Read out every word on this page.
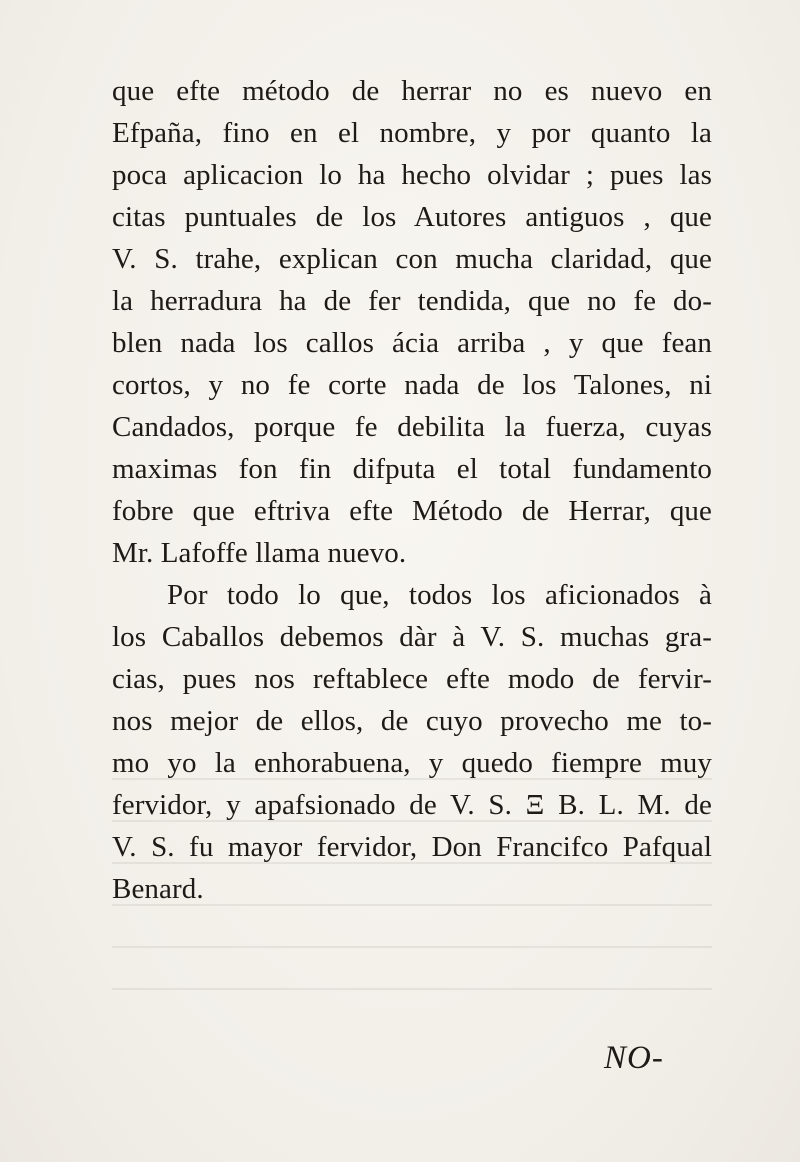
que efte método de herrar no es nuevo en
Efpaña, fino en el nombre, y por quanto la
poca aplicacion lo ha hecho olvidar ; pues las
citas puntuales de los Autores antiguos , que
V. S. trahe, explican con mucha claridad, que
la herradura ha de fer tendida, que no fe do-
blen nada los callos ácia arriba , y que fean
cortos, y no fe corte nada de los Talones, ni
Candados, porque fe debilita la fuerza, cuyas
maximas fon fin difputa el total fundamento
fobre que eftriva efte Método de Herrar, que
Mr. Lafoffe llama nuevo.
Por todo lo que, todos los aficionados à
los Caballos debemos dàr à V. S. muchas gra-
cias, pues nos reftablece efte modo de fervir-
nos mejor de ellos, de cuyo provecho me to-
mo yo la enhorabuena, y quedo fiempre muy
fervidor, y apafsionado de V. S. Ξ B. L. M. de
V. S. fu mayor fervidor, Don Francifco Pafqual
Benard.
NO-
